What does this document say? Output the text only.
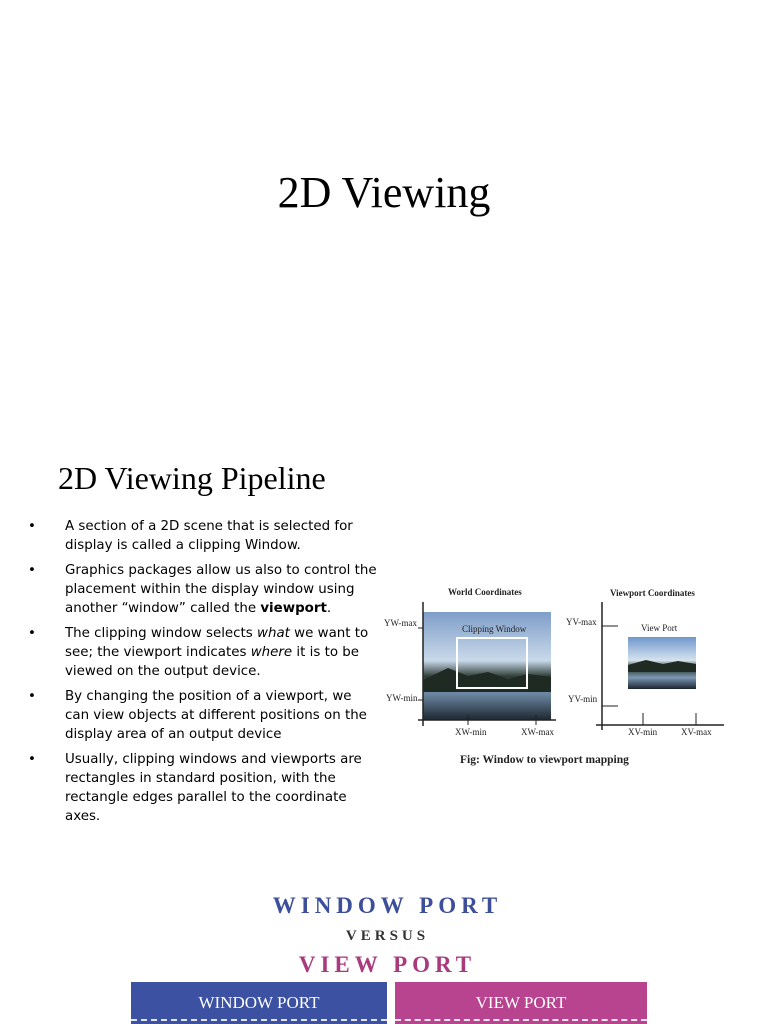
2D Viewing
2D Viewing Pipeline
• A section of a 2D scene that is selected for display is called a clipping Window.
• Graphics packages allow us also to control the placement within the display window using another “window” called the viewport.
• The clipping window selects what we want to see; the viewport indicates where it is to be viewed on the output device.
• By changing the position of a viewport, we can view objects at different positions on the display area of an output device
• Usually, clipping windows and viewports are rectangles in standard position, with the rectangle edges parallel to the coordinate axes.
World Coordinates
Clipping Window
YW-max
YW-min
XW-min	XW-max
Viewport Coordinates
YV-max
YV-min
XV-min	XV-max
View Port
Fig: Window to viewport mapping
WINDOW PORT
VERSUS
VIEW PORT
WINDOW PORT	VIEW PORT
